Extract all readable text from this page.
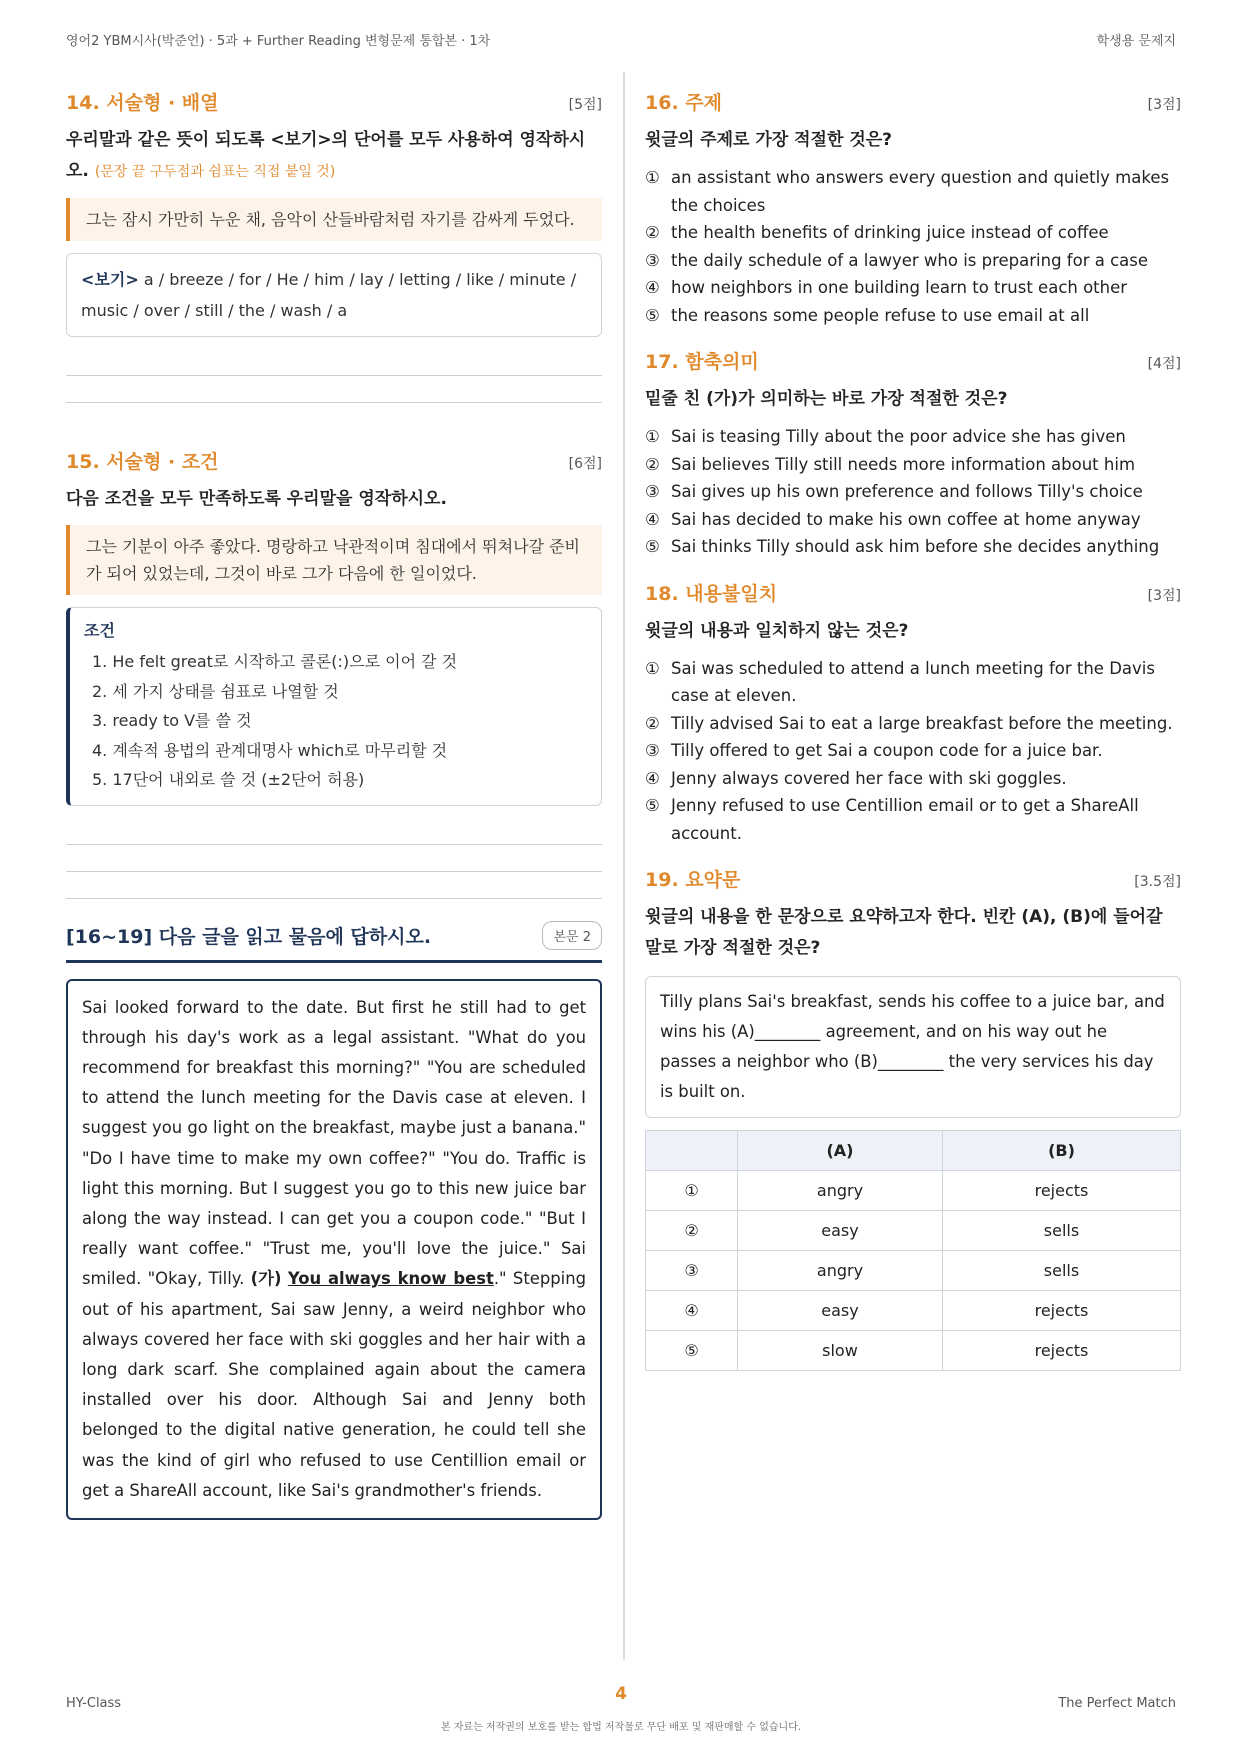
영어2 YBM시사(박준언) · 5과 + Further Reading 변형문제 통합본 · 1차	학생용 문제지
14. 서술형 · 배열	[5점]
우리말과 같은 뜻이 되도록 <보기>의 단어를 모두 사용하여 영작하시오. (문장 끝 구두점과 쉼표는 직접 붙일 것)
그는 잠시 가만히 누운 채, 음악이 산들바람처럼 자기를 감싸게 두었다.
<보기> a / breeze / for / He / him / lay / letting / like / minute / music / over / still / the / wash / a
15. 서술형 · 조건	[6점]
다음 조건을 모두 만족하도록 우리말을 영작하시오.
그는 기분이 아주 좋았다. 명랑하고 낙관적이며 침대에서 뛰쳐나갈 준비가 되어 있었는데, 그것이 바로 그가 다음에 한 일이었다.
조건
1. He felt great로 시작하고 콜론(:)으로 이어 갈 것
2. 세 가지 상태를 쉼표로 나열할 것
3. ready to V를 쓸 것
4. 계속적 용법의 관계대명사 which로 마무리할 것
5. 17단어 내외로 쓸 것 (±2단어 허용)
[16~19] 다음 글을 읽고 물음에 답하시오.	본문 2
Sai looked forward to the date. But first he still had to get through his day's work as a legal assistant. "What do you recommend for breakfast this morning?" "You are scheduled to attend the lunch meeting for the Davis case at eleven. I suggest you go light on the breakfast, maybe just a banana." "Do I have time to make my own coffee?" "You do. Traffic is light this morning. But I suggest you go to this new juice bar along the way instead. I can get you a coupon code." "But I really want coffee." "Trust me, you'll love the juice." Sai smiled. "Okay, Tilly. (가) You always know best." Stepping out of his apartment, Sai saw Jenny, a weird neighbor who always covered her face with ski goggles and her hair with a long dark scarf. She complained again about the camera installed over his door. Although Sai and Jenny both belonged to the digital native generation, he could tell she was the kind of girl who refused to use Centillion email or get a ShareAll account, like Sai's grandmother's friends.
16. 주제	[3점]
윗글의 주제로 가장 적절한 것은?
① an assistant who answers every question and quietly makes the choices
② the health benefits of drinking juice instead of coffee
③ the daily schedule of a lawyer who is preparing for a case
④ how neighbors in one building learn to trust each other
⑤ the reasons some people refuse to use email at all
17. 함축의미	[4점]
밑줄 친 (가)가 의미하는 바로 가장 적절한 것은?
① Sai is teasing Tilly about the poor advice she has given
② Sai believes Tilly still needs more information about him
③ Sai gives up his own preference and follows Tilly's choice
④ Sai has decided to make his own coffee at home anyway
⑤ Sai thinks Tilly should ask him before she decides anything
18. 내용불일치	[3점]
윗글의 내용과 일치하지 않는 것은?
① Sai was scheduled to attend a lunch meeting for the Davis case at eleven.
② Tilly advised Sai to eat a large breakfast before the meeting.
③ Tilly offered to get Sai a coupon code for a juice bar.
④ Jenny always covered her face with ski goggles.
⑤ Jenny refused to use Centillion email or to get a ShareAll account.
19. 요약문	[3.5점]
윗글의 내용을 한 문장으로 요약하고자 한다. 빈칸 (A), (B)에 들어갈 말로 가장 적절한 것은?
Tilly plans Sai's breakfast, sends his coffee to a juice bar, and wins his (A)________ agreement, and on his way out he passes a neighbor who (B)________ the very services his day is built on.
	(A)	(B)
①	angry	rejects
②	easy	sells
③	angry	sells
④	easy	rejects
⑤	slow	rejects
HY-Class	4	The Perfect Match
본 자료는 저작권의 보호를 받는 합법 저작물로 무단 배포 및 재판매할 수 없습니다.
